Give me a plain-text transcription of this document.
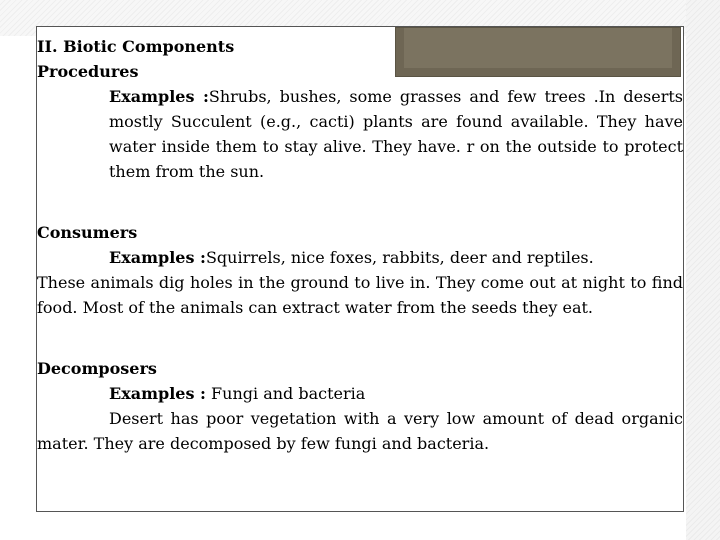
II. Biotic Components

Procedures

Examples :Shrubs, bushes, some grasses and few trees .In deserts mostly Succulent (e.g., cacti) plants are found available. They have water inside them to stay alive. They have. r on the outside to protect them from the sun.

Consumers

Examples :Squirrels, nice foxes, rabbits, deer and reptiles.

These animals dig holes in the ground to live in. They come out at night to find food. Most of the animals can extract water from the seeds they eat.

Decomposers

Examples : Fungi and bacteria

Desert has poor vegetation with a very low amount of dead organic mater. They are decomposed by few fungi and bacteria.
